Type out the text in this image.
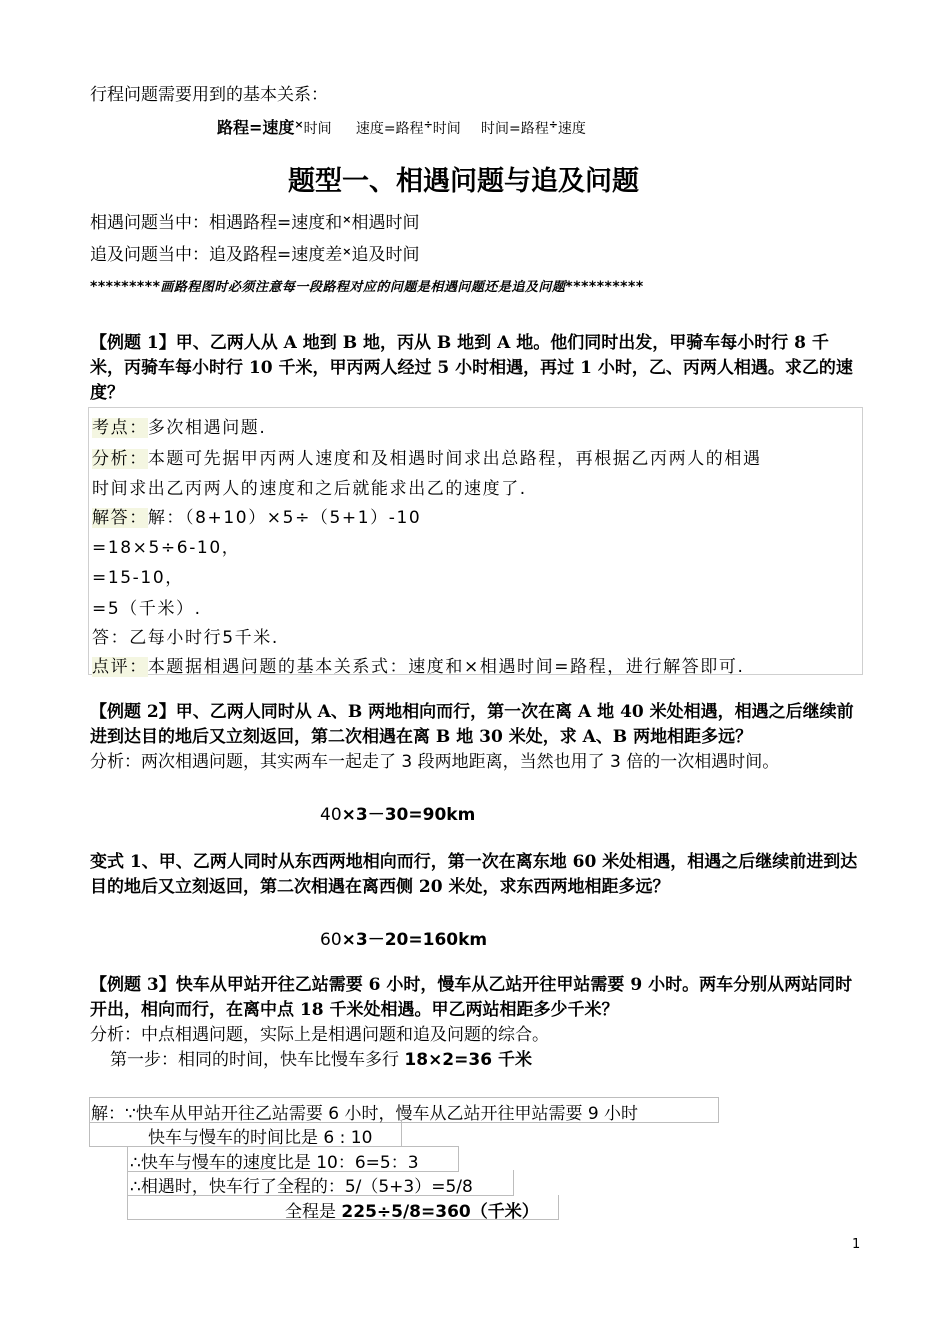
行程问题需要用到的基本关系：
路程=速度×时间 速度=路程÷时间 时间=路程÷速度
题型一、相遇问题与追及问题
相遇问题当中：相遇路程=速度和×相遇时间
追及问题当中：追及路程=速度差×追及时间
*********画路程图时必须注意每一段路程对应的问题是相遇问题还是追及问题**********
【例题 1】甲、乙两人从 A 地到 B 地，丙从 B 地到 A 地。他们同时出发，甲骑车每小时行 8 千米，丙骑车每小时行 10 千米，甲丙两人经过 5 小时相遇，再过 1 小时，乙、丙两人相遇。求乙的速度？
考点：多次相遇问题.
分析：本题可先据甲丙两人速度和及相遇时间求出总路程，再根据乙丙两人的相遇
时间求出乙丙两人的速度和之后就能求出乙的速度了.
解答：解：（8+10）×5÷（5+1）-10
=18×5÷6-10，
=15-10，
=5（千米）.
答：乙每小时行5千米.
点评：本题据相遇问题的基本关系式：速度和×相遇时间=路程，进行解答即可.
【例题 2】甲、乙两人同时从 A、B 两地相向而行，第一次在离 A 地 40 米处相遇，相遇之后继续前进到达目的地后又立刻返回，第二次相遇在离 B 地 30 米处，求 A、B 两地相距多远？
分析：两次相遇问题，其实两车一起走了 3 段两地距离，当然也用了 3 倍的一次相遇时间。
40×3－30=90km
变式 1、甲、乙两人同时从东西两地相向而行，第一次在离东地 60 米处相遇，相遇之后继续前进到达目的地后又立刻返回，第二次相遇在离西侧 20 米处，求东西两地相距多远？
60×3－20=160km
【例题 3】快车从甲站开往乙站需要 6 小时，慢车从乙站开往甲站需要 9 小时。两车分别从两站同时开出，相向而行，在离中点 18 千米处相遇。甲乙两站相距多少千米？
分析：中点相遇问题，实际上是相遇问题和追及问题的综合。
第一步：相同的时间，快车比慢车多行 18×2=36 千米
解：∵快车从甲站开往乙站需要 6 小时，慢车从乙站开往甲站需要 9 小时
快车与慢车的时间比是 6 : 10
∴快车与慢车的速度比是 10：6=5：3
∴相遇时，快车行了全程的：5/（5+3）=5/8
全程是 225÷5/8=360（千米）
1
